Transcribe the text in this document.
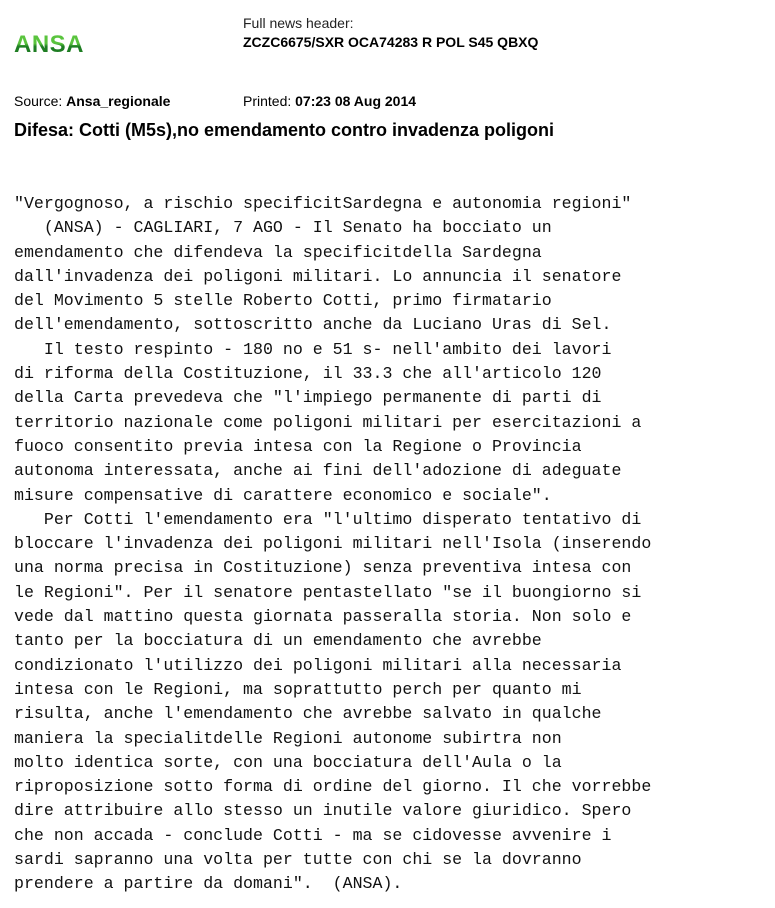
ANSA
Full news header:
ZCZC6675/SXR OCA74283 R POL S45 QBXQ
Source: Ansa_regionale	Printed: 07:23 08 Aug 2014
Difesa: Cotti (M5s),no emendamento contro invadenza poligoni
"Vergognoso, a rischio specificitSardegna e autonomia regioni"
(ANSA) - CAGLIARI, 7 AGO - Il Senato ha bocciato un
emendamento che difendeva la specificitdella Sardegna
dall'invadenza dei poligoni militari. Lo annuncia il senatore
del Movimento 5 stelle Roberto Cotti, primo firmatario
dell'emendamento, sottoscritto anche da Luciano Uras di Sel.
Il testo respinto - 180 no e 51 s- nell'ambito dei lavori
di riforma della Costituzione, il 33.3 che all'articolo 120
della Carta prevedeva che "l'impiego permanente di parti di
territorio nazionale come poligoni militari per esercitazioni a
fuoco consentito previa intesa con la Regione o Provincia
autonoma interessata, anche ai fini dell'adozione di adeguate
misure compensative di carattere economico e sociale".
Per Cotti l'emendamento era "l'ultimo disperato tentativo di
bloccare l'invadenza dei poligoni militari nell'Isola (inserendo
una norma precisa in Costituzione) senza preventiva intesa con
le Regioni". Per il senatore pentastellato "se il buongiorno si
vede dal mattino questa giornata passeralla storia. Non solo e
tanto per la bocciatura di un emendamento che avrebbe
condizionato l'utilizzo dei poligoni militari alla necessaria
intesa con le Regioni, ma soprattutto perch per quanto mi
risulta, anche l'emendamento che avrebbe salvato in qualche
maniera la specialitdelle Regioni autonome subirtra non
molto identica sorte, con una bocciatura dell'Aula o la
riproposizione sotto forma di ordine del giorno. Il che vorrebbe
dire attribuire allo stesso un inutile valore giuridico. Spero
che non accada - conclude Cotti - ma se cidovesse avvenire i
sardi sapranno una volta per tutte con chi se la dovranno
prendere a partire da domani".  (ANSA).
